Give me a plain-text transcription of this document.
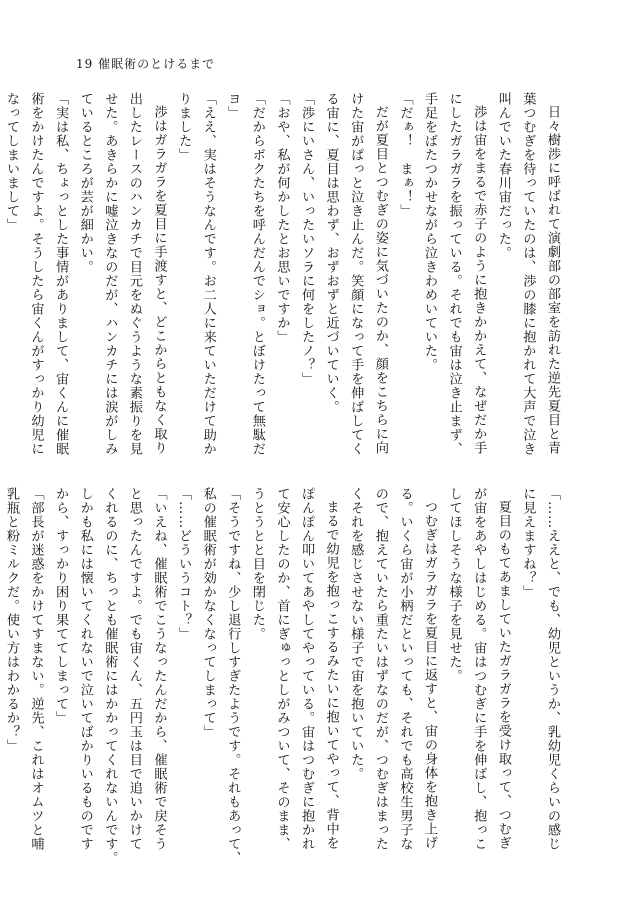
19 催眠術のとけるまで
日々樹渉に呼ばれて演劇部の部室を訪れた逆先夏目と青
葉つむぎを待っていたのは、渉の膝に抱かれて大声で泣き
叫んでいた春川宙だった。
渉は宙をまるで赤子のように抱きかかえて、なぜだか手
にしたガラガラを振っている。それでも宙は泣き止まず、
手足をばたつかせながら泣きわめいていた。
「だぁ！　まぁ！」
だが夏目とつむぎの姿に気づいたのか、顔をこちらに向
けた宙がぱっと泣き止んだ。笑顔になって手を伸ばしてく
る宙に、夏目は思わず、おずおずと近づいていく。
「渉にいさん、いったいソラに何をしたノ？」
「おや、私が何かしたとお思いですか」
「だからボクたちを呼んだんでショ。とぼけたって無駄だ
ヨ」
「ええ、実はそうなんです。お二人に来ていただけて助か
りました」
渉はガラガラを夏目に手渡すと、どこからともなく取り
出したレースのハンカチで目元をぬぐうような素振りを見
せた。あきらかに嘘泣きなのだが、ハンカチには涙がしみ
ているところが芸が細かい。
「実は私、ちょっとした事情がありまして、宙くんに催眠
術をかけたんですよ。そうしたら宙くんがすっかり幼児に
なってしまいまして」
「……ええと、でも、幼児というか、乳幼児くらいの感じ
に見えますね？」
夏目のもてあましていたガラガラを受け取って、つむぎ
が宙をあやしはじめる。宙はつむぎに手を伸ばし、抱っこ
してほしそうな様子を見せた。
つむぎはガラガラを夏目に返すと、宙の身体を抱き上げ
る。いくら宙が小柄だといっても、それでも高校生男子な
ので、抱えていたら重たいはずなのだが、つむぎはまった
くそれを感じさせない様子で宙を抱いていた。
まるで幼児を抱っこするみたいに抱いてやって、背中を
ぽんぽん叩いてあやしてやっている。宙はつむぎに抱かれ
て安心したのか、首にぎゅっとしがみついて、そのまま、
うとうとと目を閉じた。
「そうですね、少し退行しすぎたようです。それもあって、
私の催眠術が効かなくなってしまって」
「……どういうコト？」
「いえね、催眠術でこうなったんだから、催眠術で戻そう
と思ったんですよ。でも宙くん、五円玉は目で追いかけて
くれるのに、ちっとも催眠術にはかかってくれないんです。
しかも私には懐いてくれないで泣いてばかりいるものです
から、すっかり困り果ててしまって」
「部長が迷惑をかけてすまない。逆先、これはオムツと哺
乳瓶と粉ミルクだ。使い方はわかるか？」
